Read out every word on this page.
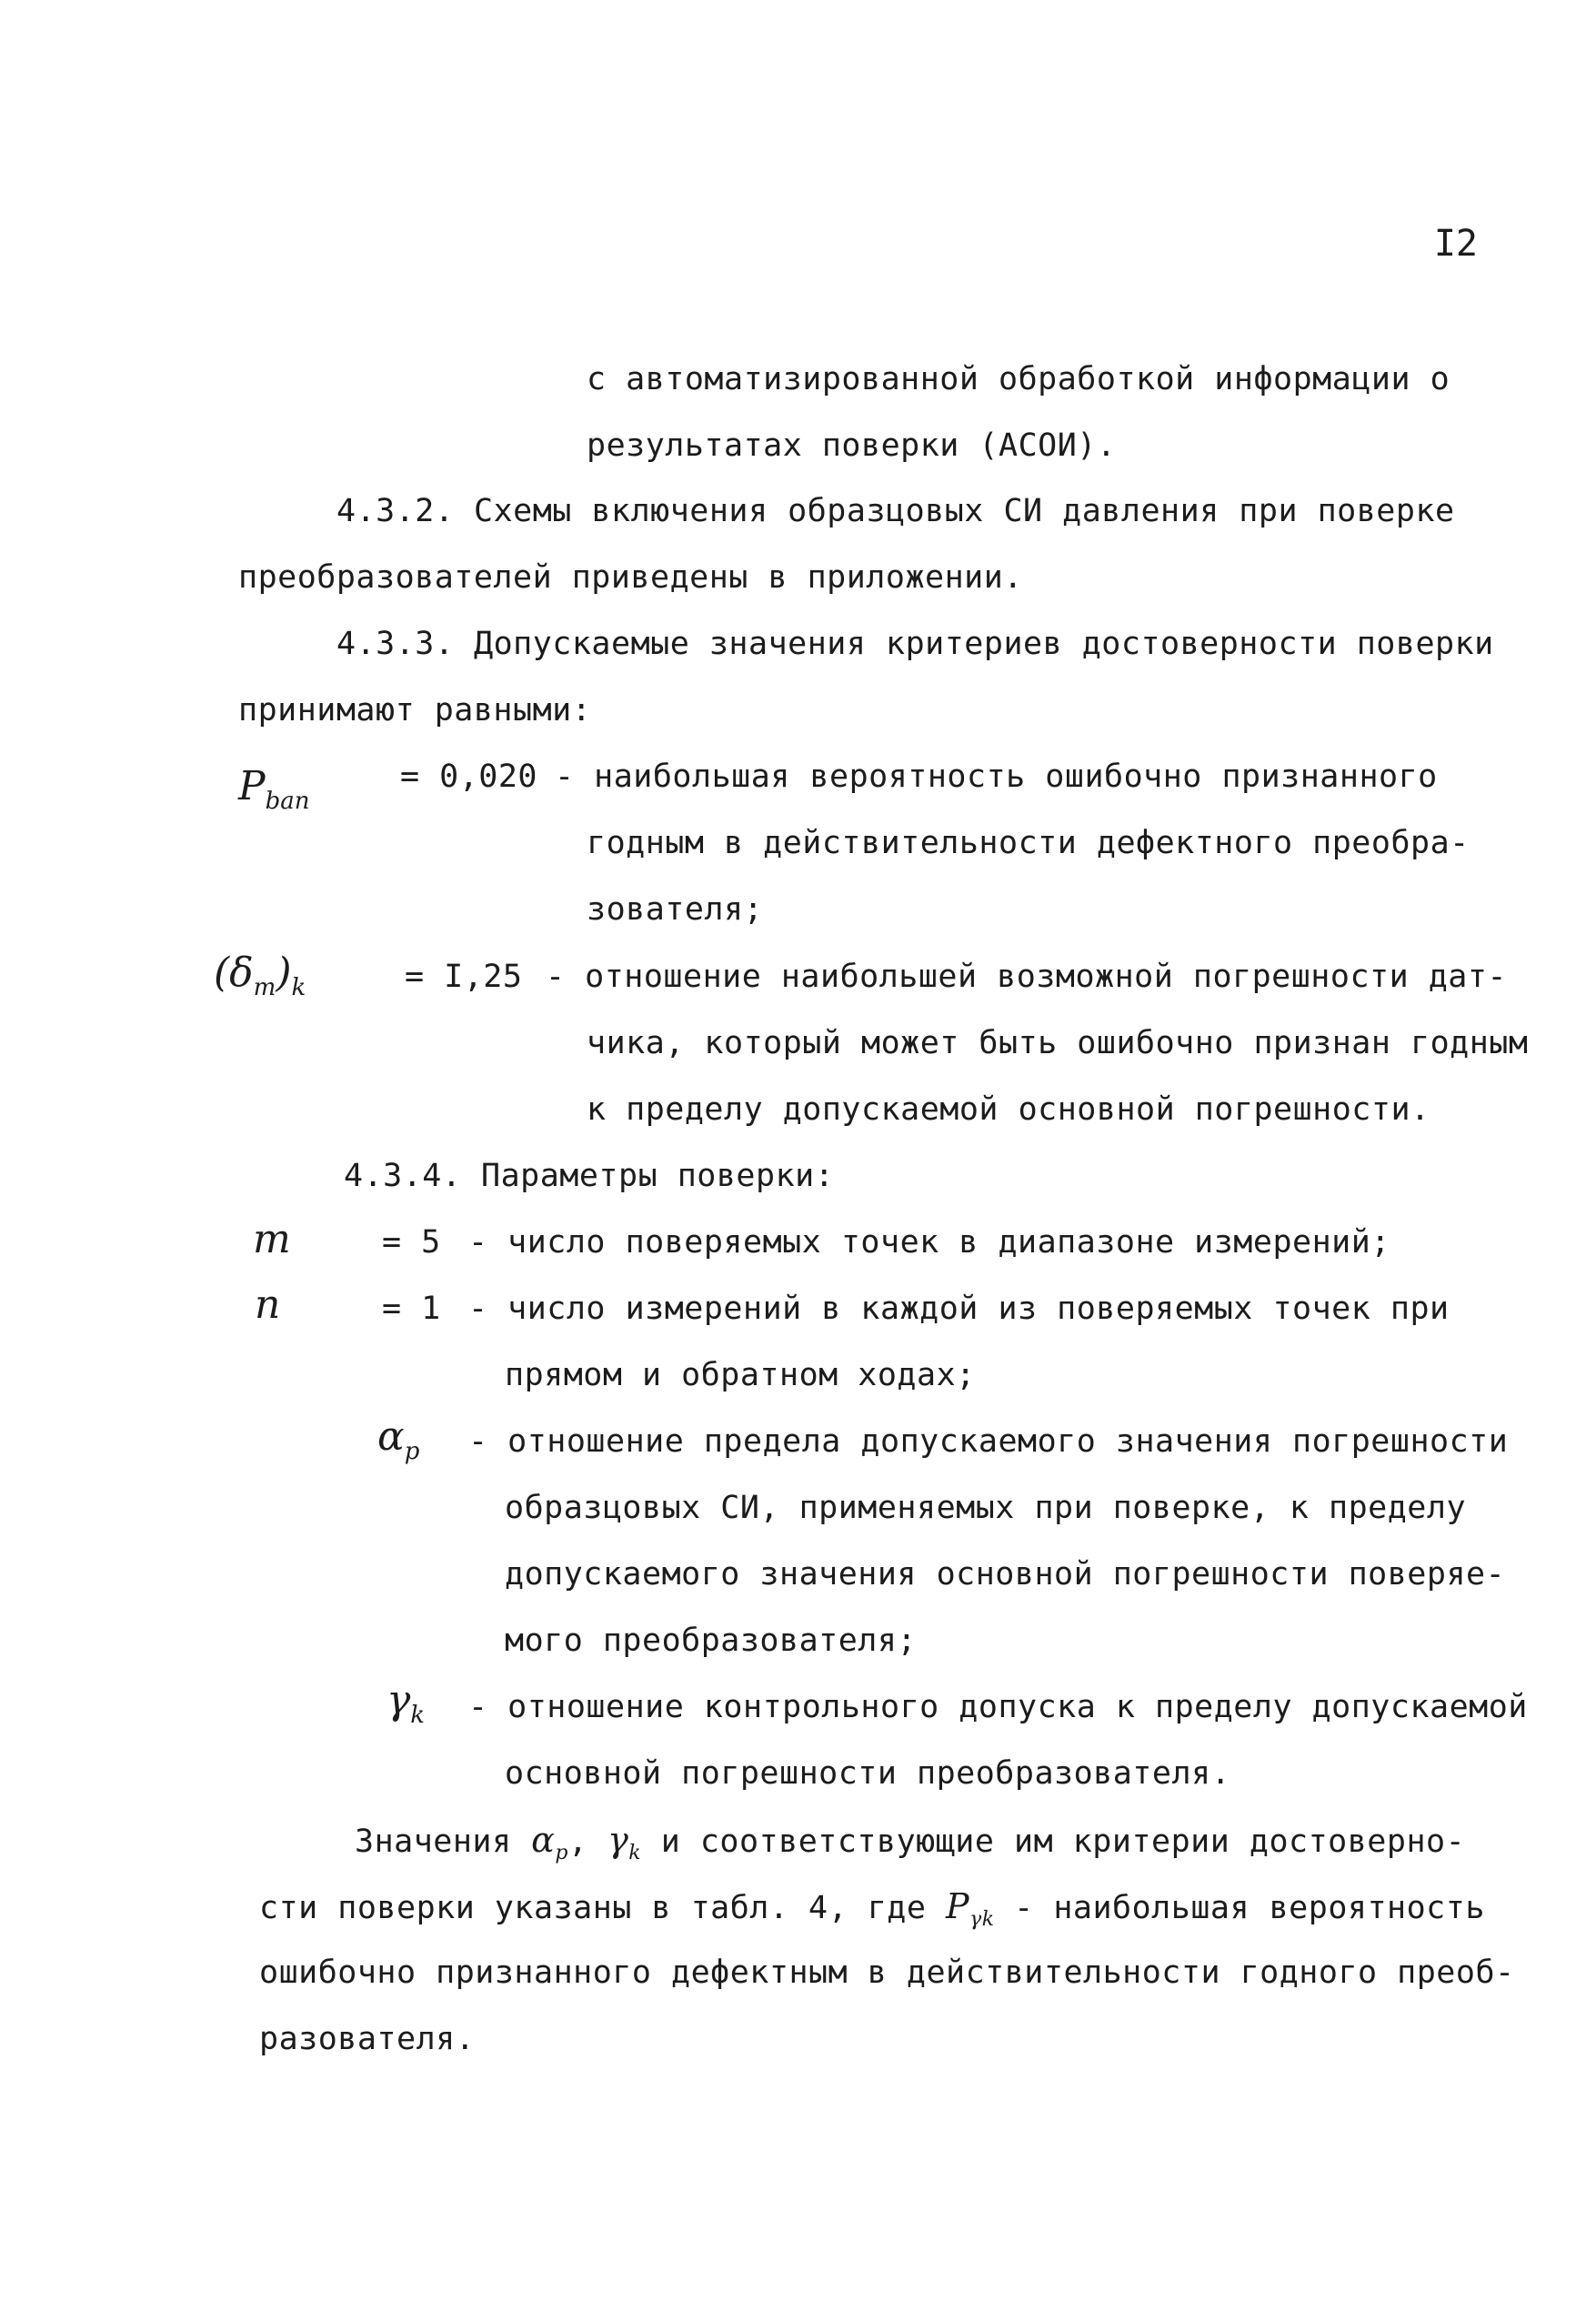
I2
с автоматизированной обработкой информации о
результатах поверки (АСОИ).
4.3.2. Схемы включения образцовых СИ давления при поверке
преобразователей приведены в приложении.
4.3.3. Допускаемые значения критериев достоверности поверки
принимают равными:
$P_{ban}$
= 0,020 - наибольшая вероятность ошибочно признанного
годным в действительности дефектного преобра-
зователя;
$(\delta_m)_k$	= I,25 - отношение наибольшей возможной погрешности дат-
чика, который может быть ошибочно признан годным
к пределу допускаемой основной погрешности.
4.3.4. Параметры поверки:
m	= 5 - число поверяемых точек в диапазоне измерений;
n	= 1 - число измерений в каждой из поверяемых точек при
прямом и обратном ходах;
$\alpha_p$ - отношение предела допускаемого значения погрешности
образцовых СИ, применяемых при поверке, к пределу
допускаемого значения основной погрешности поверяе-
мого преобразователя;
$\gamma_k$ - отношение контрольного допуска к пределу допускаемой
основной погрешности преобразователя.
Значения $\alpha_p$, $\gamma_k$ и соответствующие им критерии достоверно-
сти поверки указаны в табл. 4, где $P_{\gamma k}$ - наибольшая вероятность
ошибочно признанного дефектным в действительности годного преоб-
разователя.
